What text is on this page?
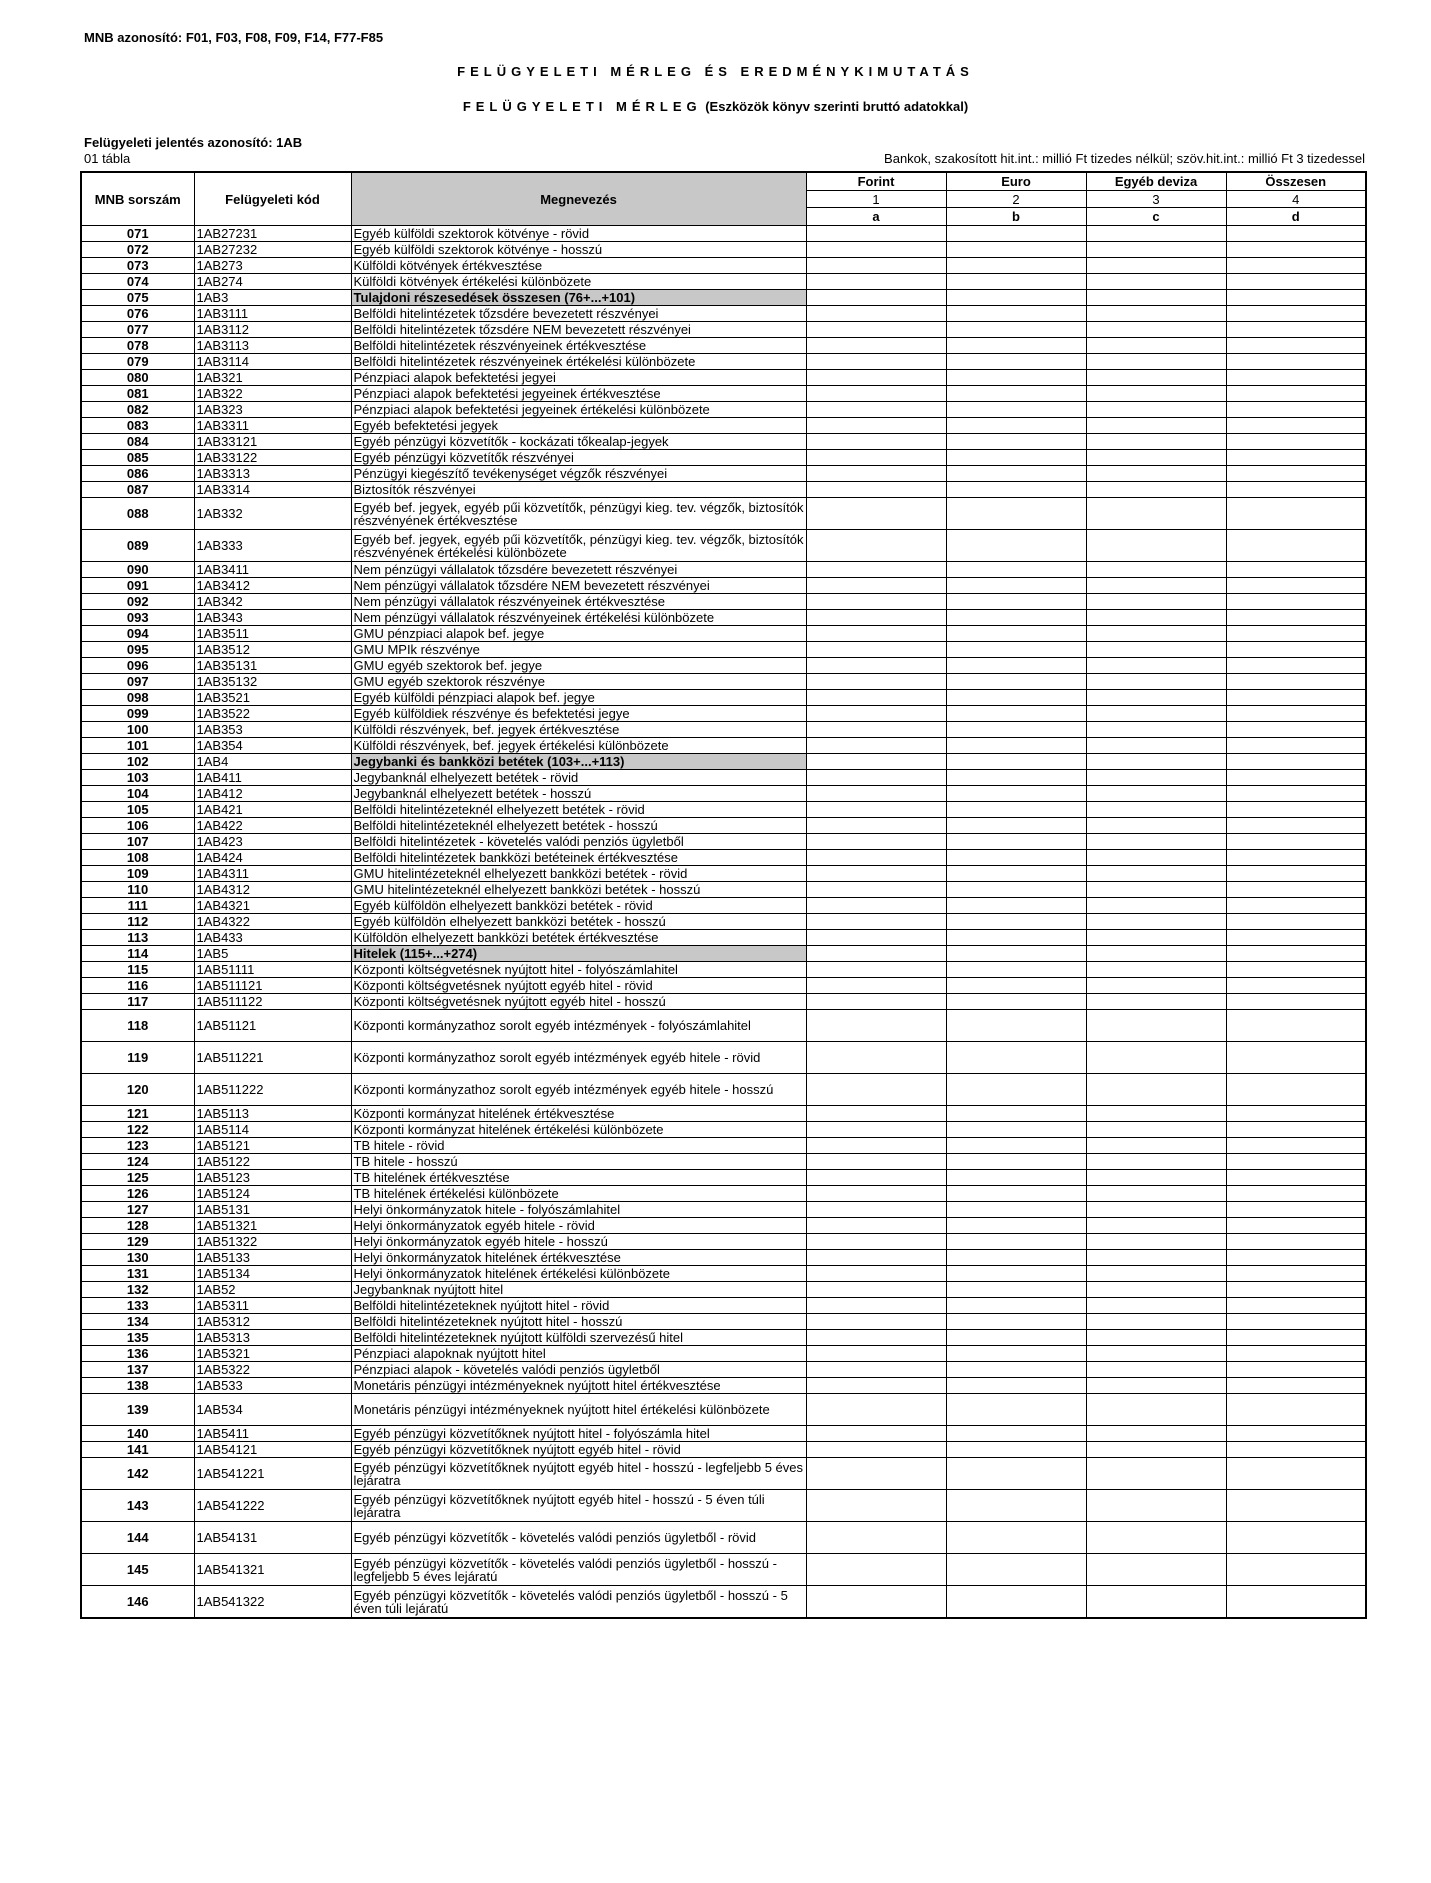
MNB azonosító: F01, F03, F08, F09, F14, F77-F85
FELÜGYELETI MÉRLEG ÉS EREDMÉNYKIMUTATÁS
FELÜGYELETI MÉRLEG (Eszközök könyv szerinti bruttó adatokkal)
Felügyeleti jelentés azonosító: 1AB
01 tábla	Bankok, szakosított hit.int.: millió Ft tizedes nélkül; szöv.hit.int.: millió Ft 3 tizedessel
MNB sorszám	Felügyeleti kód	Megnevezés	Forint	Euro	Egyéb deviza	Összesen
			1	2	3	4
			a	b	c	d
071	1AB27231	Egyéb külföldi szektorok kötvénye - rövid				
072	1AB27232	Egyéb külföldi szektorok kötvénye - hosszú				
073	1AB273	Külföldi kötvények értékvesztése				
074	1AB274	Külföldi kötvények értékelési különbözete				
075	1AB3	Tulajdoni részesedések összesen (76+...+101)				
076	1AB3111	Belföldi hitelintézetek tőzsdére bevezetett részvényei				
077	1AB3112	Belföldi hitelintézetek tőzsdére NEM bevezetett részvényei				
078	1AB3113	Belföldi hitelintézetek részvényeinek értékvesztése				
079	1AB3114	Belföldi hitelintézetek részvényeinek értékelési különbözete				
080	1AB321	Pénzpiaci alapok befektetési jegyei				
081	1AB322	Pénzpiaci alapok befektetési jegyeinek értékvesztése				
082	1AB323	Pénzpiaci alapok befektetési jegyeinek értékelési különbözete				
083	1AB3311	Egyéb befektetési jegyek				
084	1AB33121	Egyéb pénzügyi közvetítők - kockázati tőkealap-jegyek				
085	1AB33122	Egyéb pénzügyi közvetítők részvényei				
086	1AB3313	Pénzügyi kiegészítő tevékenységet végzők részvényei				
087	1AB3314	Biztosítók részvényei				
088	1AB332	Egyéb bef. jegyek, egyéb pűi közvetítők, pénzügyi kieg. tev. végzők, biztosítók részvényének értékvesztése				
089	1AB333	Egyéb bef. jegyek, egyéb pűi közvetítők, pénzügyi kieg. tev. végzők, biztosítók részvényének értékelési különbözete				
090	1AB3411	Nem pénzügyi vállalatok tőzsdére bevezetett részvényei				
091	1AB3412	Nem pénzügyi vállalatok tőzsdére NEM bevezetett részvényei				
092	1AB342	Nem pénzügyi vállalatok részvényeinek értékvesztése				
093	1AB343	Nem pénzügyi vállalatok részvényeinek értékelési különbözete				
094	1AB3511	GMU pénzpiaci alapok bef. jegye				
095	1AB3512	GMU MPIk részvénye				
096	1AB35131	GMU egyéb szektorok bef. jegye				
097	1AB35132	GMU egyéb szektorok részvénye				
098	1AB3521	Egyéb külföldi pénzpiaci alapok bef. jegye				
099	1AB3522	Egyéb külföldiek részvénye és befektetési jegye				
100	1AB353	Külföldi részvények, bef. jegyek értékvesztése				
101	1AB354	Külföldi részvények, bef. jegyek értékelési különbözete				
102	1AB4	Jegybanki és bankközi betétek (103+...+113)				
103	1AB411	Jegybanknál elhelyezett betétek - rövid				
104	1AB412	Jegybanknál elhelyezett betétek - hosszú				
105	1AB421	Belföldi hitelintézeteknél elhelyezett betétek - rövid				
106	1AB422	Belföldi hitelintézeteknél elhelyezett betétek - hosszú				
107	1AB423	Belföldi hitelintézetek - követelés valódi penziós ügyletből				
108	1AB424	Belföldi hitelintézetek bankközi betéteinek értékvesztése				
109	1AB4311	GMU hitelintézeteknél elhelyezett bankközi betétek - rövid				
110	1AB4312	GMU hitelintézeteknél elhelyezett bankközi betétek - hosszú				
111	1AB4321	Egyéb külföldön elhelyezett bankközi betétek - rövid				
112	1AB4322	Egyéb külföldön elhelyezett bankközi betétek - hosszú				
113	1AB433	Külföldön elhelyezett bankközi betétek értékvesztése				
114	1AB5	Hitelek (115+...+274)				
115	1AB51111	Központi költségvetésnek nyújtott hitel - folyószámlahitel				
116	1AB511121	Központi költségvetésnek nyújtott egyéb hitel - rövid				
117	1AB511122	Központi költségvetésnek nyújtott egyéb hitel - hosszú				
118	1AB51121	Központi kormányzathoz sorolt egyéb intézmények - folyószámlahitel				
119	1AB511221	Központi kormányzathoz sorolt egyéb intézmények egyéb hitele - rövid				
120	1AB511222	Központi kormányzathoz sorolt egyéb intézmények egyéb hitele - hosszú				
121	1AB5113	Központi kormányzat hitelének értékvesztése				
122	1AB5114	Központi kormányzat hitelének értékelési különbözete				
123	1AB5121	TB hitele - rövid				
124	1AB5122	TB hitele - hosszú				
125	1AB5123	TB hitelének értékvesztése				
126	1AB5124	TB hitelének értékelési különbözete				
127	1AB5131	Helyi önkormányzatok hitele - folyószámlahitel				
128	1AB51321	Helyi önkormányzatok egyéb hitele - rövid				
129	1AB51322	Helyi önkormányzatok egyéb hitele - hosszú				
130	1AB5133	Helyi önkormányzatok hitelének értékvesztése				
131	1AB5134	Helyi önkormányzatok hitelének értékelési különbözete				
132	1AB52	Jegybanknak nyújtott hitel				
133	1AB5311	Belföldi hitelintézeteknek nyújtott hitel - rövid				
134	1AB5312	Belföldi hitelintézeteknek nyújtott hitel - hosszú				
135	1AB5313	Belföldi hitelintézeteknek nyújtott külföldi szervezésű hitel				
136	1AB5321	Pénzpiaci alapoknak nyújtott hitel				
137	1AB5322	Pénzpiaci alapok - követelés valódi penziós ügyletből				
138	1AB533	Monetáris pénzügyi intézményeknek nyújtott hitel értékvesztése				
139	1AB534	Monetáris pénzügyi intézményeknek nyújtott hitel értékelési különbözete				
140	1AB5411	Egyéb pénzügyi közvetítőknek nyújtott hitel - folyószámla hitel				
141	1AB54121	Egyéb pénzügyi közvetítőknek nyújtott egyéb hitel - rövid				
142	1AB541221	Egyéb pénzügyi közvetítőknek nyújtott egyéb hitel - hosszú - legfeljebb 5 éves lejáratra				
143	1AB541222	Egyéb pénzügyi közvetítőknek nyújtott egyéb hitel - hosszú - 5 éven túli lejáratra				
144	1AB54131	Egyéb pénzügyi közvetítők - követelés valódi penziós ügyletből - rövid				
145	1AB541321	Egyéb pénzügyi közvetítők - követelés valódi penziós ügyletből - hosszú - legfeljebb 5 éves lejáratú				
146	1AB541322	Egyéb pénzügyi közvetítők - követelés valódi penziós ügyletből - hosszú - 5 éven túli lejáratú				
